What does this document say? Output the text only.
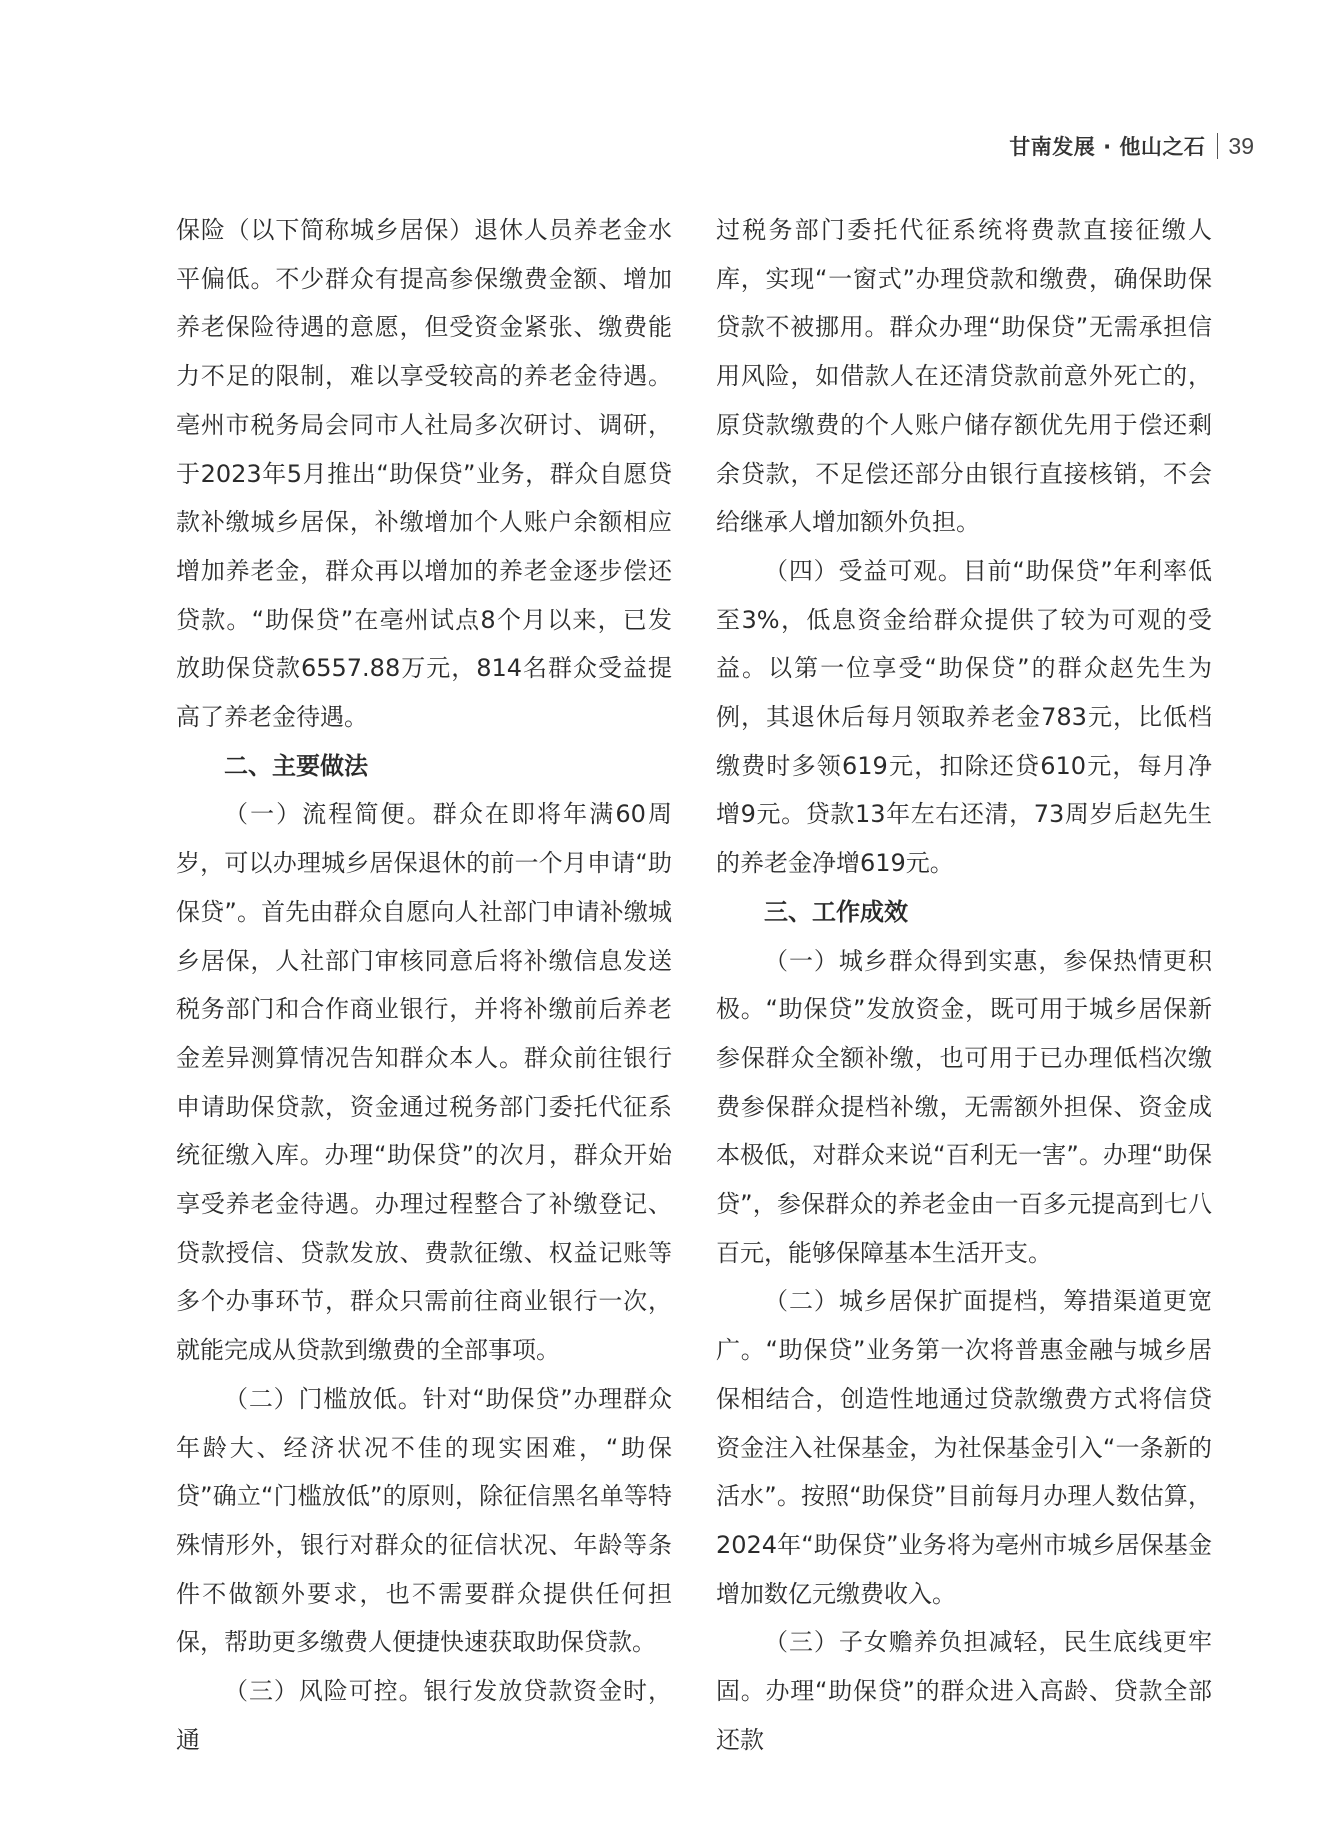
甘南发展 · 他山之石 39

保险（以下简称城乡居保）退休人员养老金水平偏低。不少群众有提高参保缴费金额、增加养老保险待遇的意愿，但受资金紧张、缴费能力不足的限制，难以享受较高的养老金待遇。亳州市税务局会同市人社局多次研讨、调研，于2023年5月推出“助保贷”业务，群众自愿贷款补缴城乡居保，补缴增加个人账户余额相应增加养老金，群众再以增加的养老金逐步偿还贷款。“助保贷”在亳州试点8个月以来，已发放助保贷款6557.88万元，814名群众受益提高了养老金待遇。

二、主要做法

（一）流程简便。群众在即将年满60周岁，可以办理城乡居保退休的前一个月申请“助保贷”。首先由群众自愿向人社部门申请补缴城乡居保，人社部门审核同意后将补缴信息发送税务部门和合作商业银行，并将补缴前后养老金差异测算情况告知群众本人。群众前往银行申请助保贷款，资金通过税务部门委托代征系统征缴入库。办理“助保贷”的次月，群众开始享受养老金待遇。办理过程整合了补缴登记、贷款授信、贷款发放、费款征缴、权益记账等多个办事环节，群众只需前往商业银行一次，就能完成从贷款到缴费的全部事项。

（二）门槛放低。针对“助保贷”办理群众年龄大、经济状况不佳的现实困难，“助保贷”确立“门槛放低”的原则，除征信黑名单等特殊情形外，银行对群众的征信状况、年龄等条件不做额外要求，也不需要群众提供任何担保，帮助更多缴费人便捷快速获取助保贷款。

（三）风险可控。银行发放贷款资金时，通

过税务部门委托代征系统将费款直接征缴人库，实现“一窗式”办理贷款和缴费，确保助保贷款不被挪用。群众办理“助保贷”无需承担信用风险，如借款人在还清贷款前意外死亡的，原贷款缴费的个人账户储存额优先用于偿还剩余贷款，不足偿还部分由银行直接核销，不会给继承人增加额外负担。

（四）受益可观。目前“助保贷”年利率低至3%，低息资金给群众提供了较为可观的受益。以第一位享受“助保贷”的群众赵先生为例，其退休后每月领取养老金783元，比低档缴费时多领619元，扣除还贷610元，每月净增9元。贷款13年左右还清，73周岁后赵先生的养老金净增619元。

三、工作成效

（一）城乡群众得到实惠，参保热情更积极。“助保贷”发放资金，既可用于城乡居保新参保群众全额补缴，也可用于已办理低档次缴费参保群众提档补缴，无需额外担保、资金成本极低，对群众来说“百利无一害”。办理“助保贷”，参保群众的养老金由一百多元提高到七八百元，能够保障基本生活开支。

（二）城乡居保扩面提档，筹措渠道更宽广。“助保贷”业务第一次将普惠金融与城乡居保相结合，创造性地通过贷款缴费方式将信贷资金注入社保基金，为社保基金引入“一条新的活水”。按照“助保贷”目前每月办理人数估算，2024年“助保贷”业务将为亳州市城乡居保基金增加数亿元缴费收入。

（三）子女赡养负担减轻，民生底线更牢固。办理“助保贷”的群众进入高龄、贷款全部还款
